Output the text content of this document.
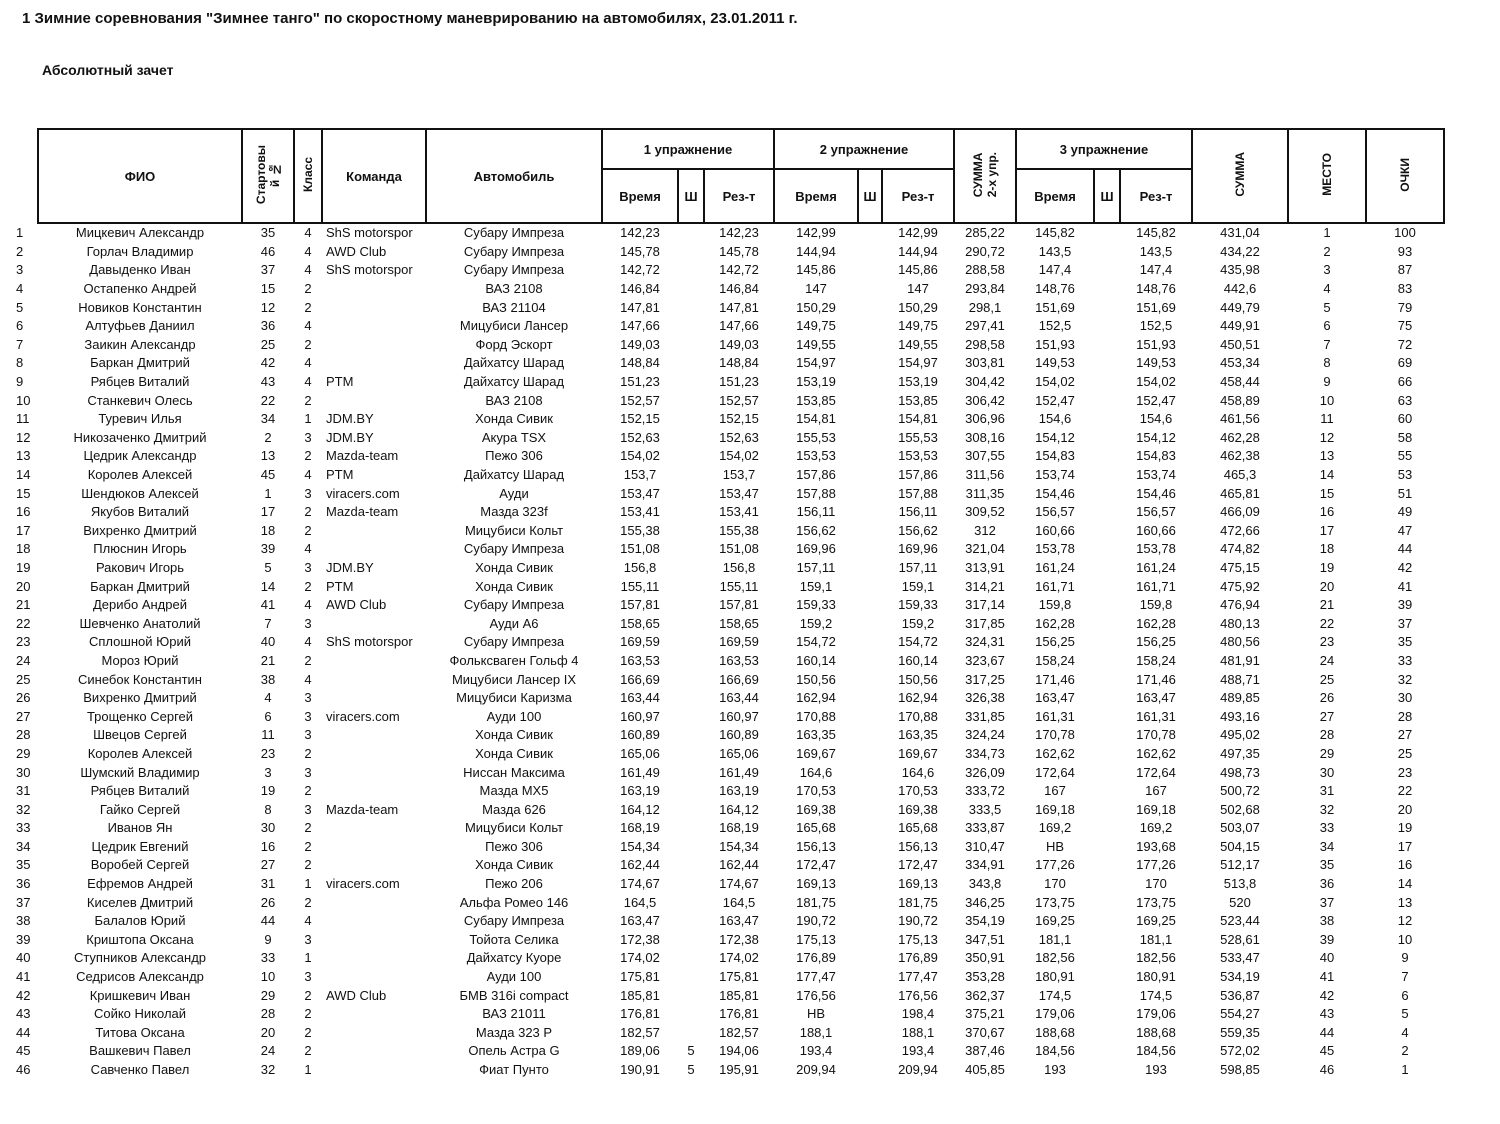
1 Зимние соревнования "Зимнее танго" по скоростному маневрированию на автомобилях, 23.01.2011 г.
Абсолютный зачет
	ФИО	Стартовы
й №	Класс	Команда	Автомобиль	1 упражнение			2 упражнение			СУММА
2-х упр.	3 упражнение			СУММА	МЕСТО	ОЧКИ
						Время	Ш	Рез-т	Время	Ш	Рез-т		Время	Ш	Рез-т			
1	Мицкевич Александр	35	4	ShS motorspor	Субару Импреза	142,23		142,23	142,99		142,99	285,22	145,82		145,82	431,04	1	100
2	Горлач Владимир	46	4	AWD Club	Субару Импреза	145,78		145,78	144,94		144,94	290,72	143,5		143,5	434,22	2	93
3	Давыденко Иван	37	4	ShS motorspor	Субару Импреза	142,72		142,72	145,86		145,86	288,58	147,4		147,4	435,98	3	87
4	Остапенко Андрей	15	2		ВАЗ 2108	146,84		146,84	147		147	293,84	148,76		148,76	442,6	4	83
5	Новиков Константин	12	2		ВАЗ 21104	147,81		147,81	150,29		150,29	298,1	151,69		151,69	449,79	5	79
6	Алтуфьев Даниил	36	4		Мицубиси Лансер	147,66		147,66	149,75		149,75	297,41	152,5		152,5	449,91	6	75
7	Заикин Александр	25	2		Форд Эскорт	149,03		149,03	149,55		149,55	298,58	151,93		151,93	450,51	7	72
8	Баркан Дмитрий	42	4		Дайхатсу Шарад	148,84		148,84	154,97		154,97	303,81	149,53		149,53	453,34	8	69
9	Рябцев Виталий	43	4	PTM	Дайхатсу Шарад	151,23		151,23	153,19		153,19	304,42	154,02		154,02	458,44	9	66
10	Станкевич Олесь	22	2		ВАЗ 2108	152,57		152,57	153,85		153,85	306,42	152,47		152,47	458,89	10	63
11	Туревич Илья	34	1	JDM.BY	Хонда Сивик	152,15		152,15	154,81		154,81	306,96	154,6		154,6	461,56	11	60
12	Никозаченко Дмитрий	2	3	JDM.BY	Акура TSX	152,63		152,63	155,53		155,53	308,16	154,12		154,12	462,28	12	58
13	Цедрик Александр	13	2	Mazda-team	Пежо 306	154,02		154,02	153,53		153,53	307,55	154,83		154,83	462,38	13	55
14	Королев Алексей	45	4	PTM	Дайхатсу Шарад	153,7		153,7	157,86		157,86	311,56	153,74		153,74	465,3	14	53
15	Шендюков Алексей	1	3	viracers.com	Ауди	153,47		153,47	157,88		157,88	311,35	154,46		154,46	465,81	15	51
16	Якубов Виталий	17	2	Mazda-team	Мазда 323f	153,41		153,41	156,11		156,11	309,52	156,57		156,57	466,09	16	49
17	Вихренко Дмитрий	18	2		Мицубиси Кольт	155,38		155,38	156,62		156,62	312	160,66		160,66	472,66	17	47
18	Плюснин Игорь	39	4		Субару Импреза	151,08		151,08	169,96		169,96	321,04	153,78		153,78	474,82	18	44
19	Ракович Игорь	5	3	JDM.BY	Хонда Сивик	156,8		156,8	157,11		157,11	313,91	161,24		161,24	475,15	19	42
20	Баркан Дмитрий	14	2	PTM	Хонда Сивик	155,11		155,11	159,1		159,1	314,21	161,71		161,71	475,92	20	41
21	Дерибо Андрей	41	4	AWD Club	Субару Импреза	157,81		157,81	159,33		159,33	317,14	159,8		159,8	476,94	21	39
22	Шевченко Анатолий	7	3		Ауди А6	158,65		158,65	159,2		159,2	317,85	162,28		162,28	480,13	22	37
23	Сплошной Юрий	40	4	ShS motorspor	Субару Импреза	169,59		169,59	154,72		154,72	324,31	156,25		156,25	480,56	23	35
24	Мороз Юрий	21	2		Фольксваген Гольф 4	163,53		163,53	160,14		160,14	323,67	158,24		158,24	481,91	24	33
25	Синебок Константин	38	4		Мицубиси Лансер IX	166,69		166,69	150,56		150,56	317,25	171,46		171,46	488,71	25	32
26	Вихренко Дмитрий	4	3		Мицубиси Каризма	163,44		163,44	162,94		162,94	326,38	163,47		163,47	489,85	26	30
27	Трощенко Сергей	6	3	viracers.com	Ауди 100	160,97		160,97	170,88		170,88	331,85	161,31		161,31	493,16	27	28
28	Швецов Сергей	11	3		Хонда Сивик	160,89		160,89	163,35		163,35	324,24	170,78		170,78	495,02	28	27
29	Королев Алексей	23	2		Хонда Сивик	165,06		165,06	169,67		169,67	334,73	162,62		162,62	497,35	29	25
30	Шумский Владимир	3	3		Ниссан Максима	161,49		161,49	164,6		164,6	326,09	172,64		172,64	498,73	30	23
31	Рябцев Виталий	19	2		Мазда MX5	163,19		163,19	170,53		170,53	333,72	167		167	500,72	31	22
32	Гайко Сергей	8	3	Mazda-team	Мазда 626	164,12		164,12	169,38		169,38	333,5	169,18		169,18	502,68	32	20
33	Иванов Ян	30	2		Мицубиси Кольт	168,19		168,19	165,68		165,68	333,87	169,2		169,2	503,07	33	19
34	Цедрик Евгений	16	2		Пежо 306	154,34		154,34	156,13		156,13	310,47	НВ		193,68	504,15	34	17
35	Воробей Сергей	27	2		Хонда Сивик	162,44		162,44	172,47		172,47	334,91	177,26		177,26	512,17	35	16
36	Ефремов Андрей	31	1	viracers.com	Пежо 206	174,67		174,67	169,13		169,13	343,8	170		170	513,8	36	14
37	Киселев Дмитрий	26	2		Альфа Ромео 146	164,5		164,5	181,75		181,75	346,25	173,75		173,75	520	37	13
38	Балалов Юрий	44	4		Субару Импреза	163,47		163,47	190,72		190,72	354,19	169,25		169,25	523,44	38	12
39	Криштопа Оксана	9	3		Тойота Селика	172,38		172,38	175,13		175,13	347,51	181,1		181,1	528,61	39	10
40	Ступников Александр	33	1		Дайхатсу Куоре	174,02		174,02	176,89		176,89	350,91	182,56		182,56	533,47	40	9
41	Седрисов Александр	10	3		Ауди 100	175,81		175,81	177,47		177,47	353,28	180,91		180,91	534,19	41	7
42	Кришкевич Иван	29	2	AWD Club	БМВ 316i compact	185,81		185,81	176,56		176,56	362,37	174,5		174,5	536,87	42	6
43	Сойко Николай	28	2		ВАЗ 21011	176,81		176,81	НВ		198,4	375,21	179,06		179,06	554,27	43	5
44	Титова Оксана	20	2		Мазда 323 P	182,57		182,57	188,1		188,1	370,67	188,68		188,68	559,35	44	4
45	Вашкевич Павел	24	2		Опель Астра G	189,06	5	194,06	193,4		193,4	387,46	184,56		184,56	572,02	45	2
46	Савченко Павел	32	1		Фиат Пунто	190,91	5	195,91	209,94		209,94	405,85	193		193	598,85	46	1
